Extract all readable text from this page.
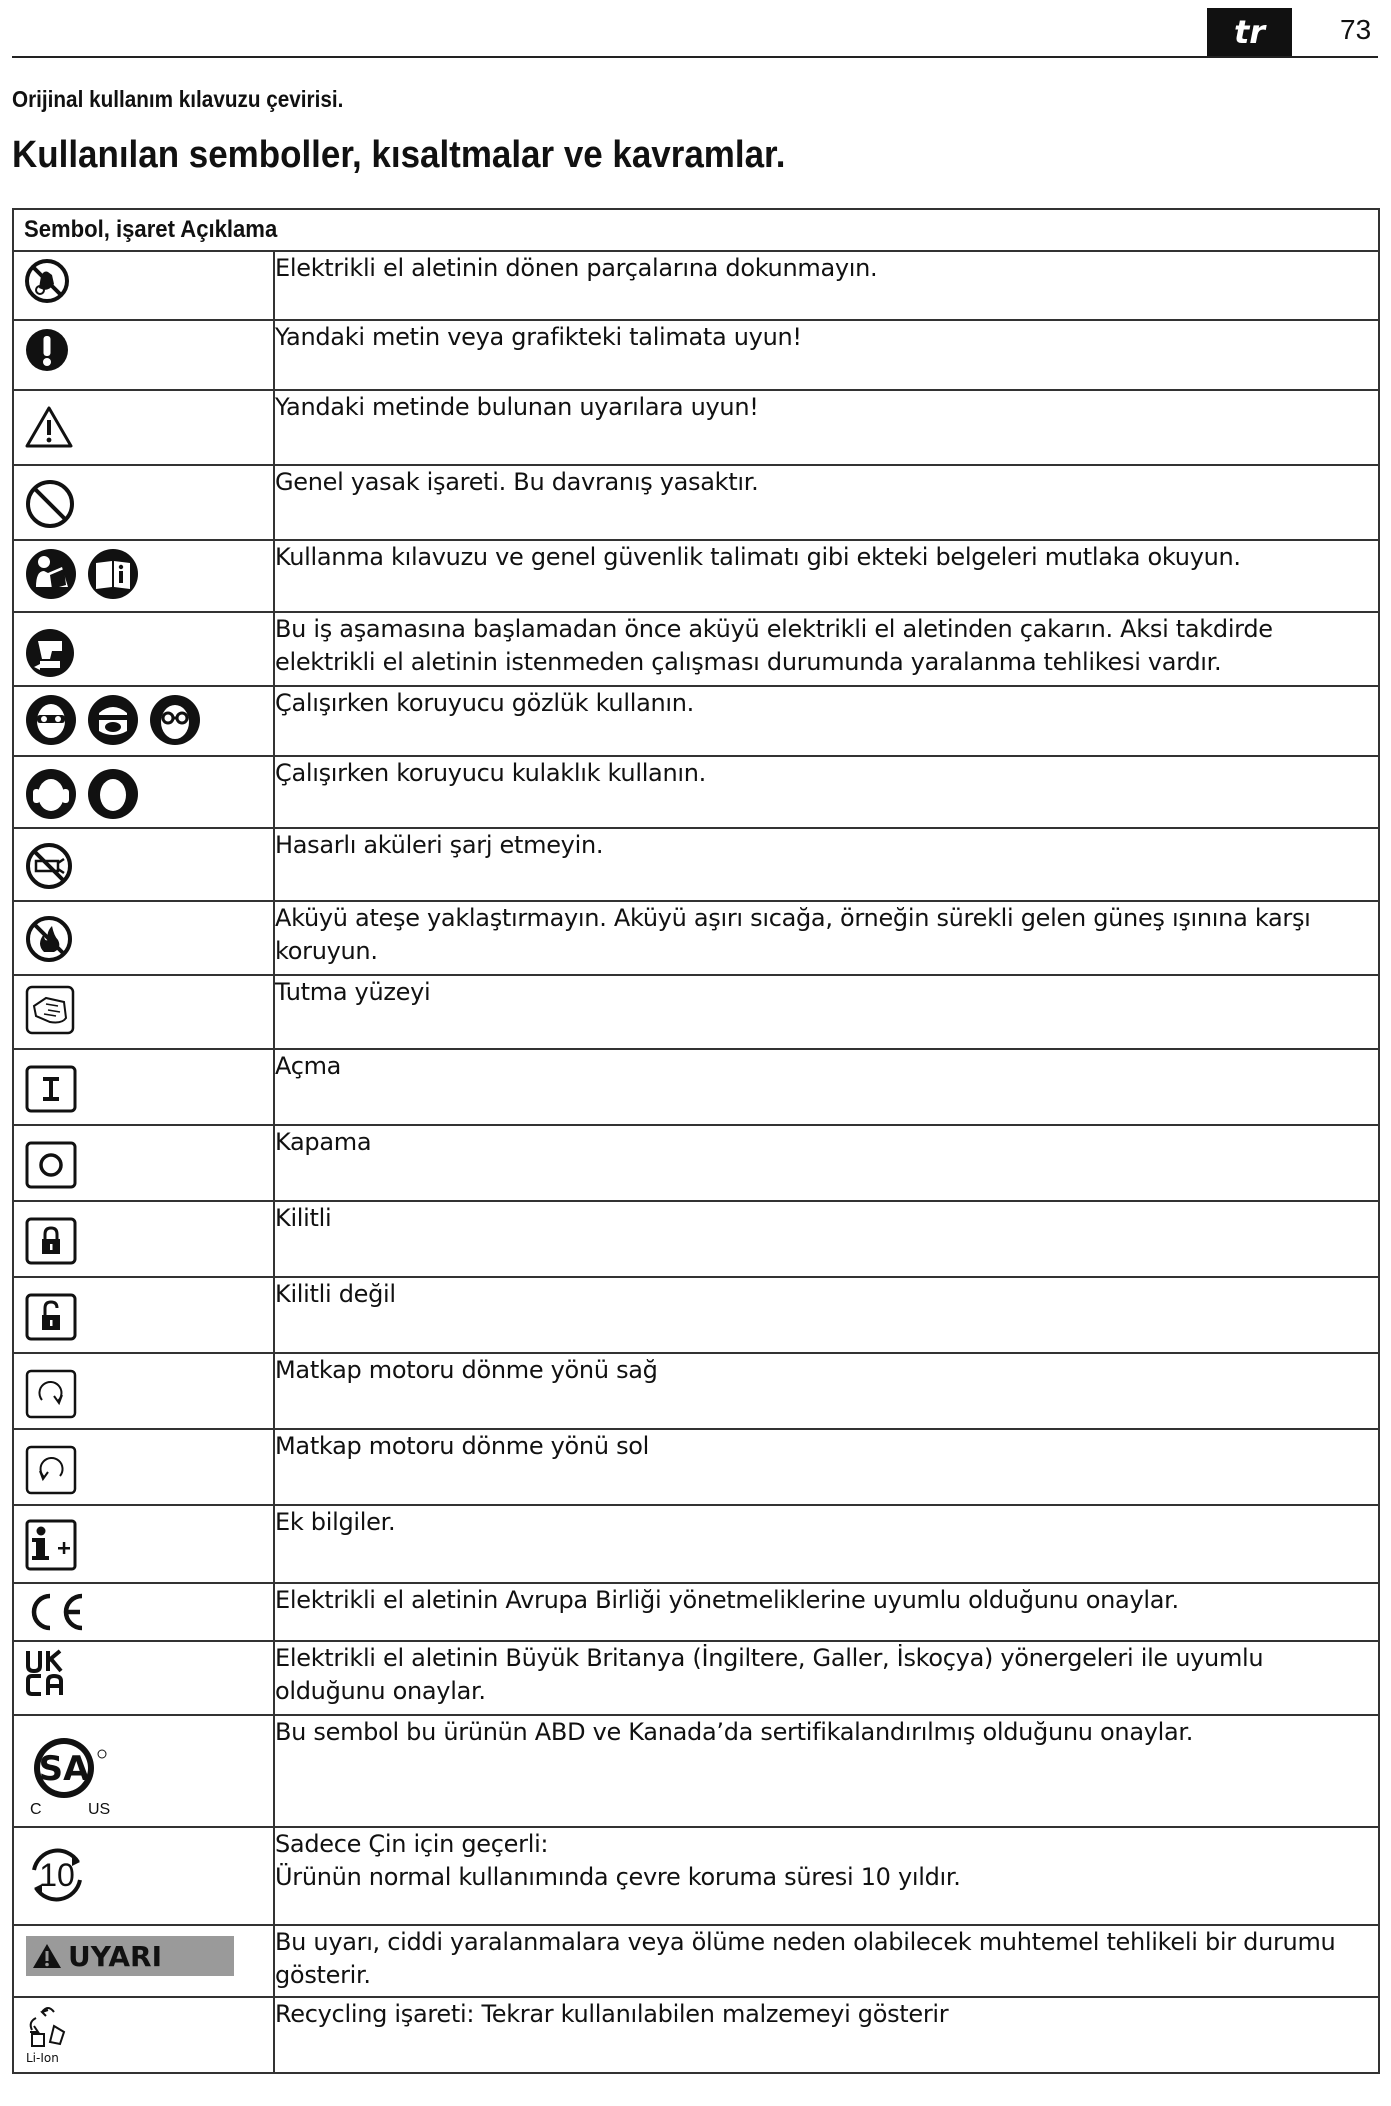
tr	73
Orijinal kullanım kılavuzu çevirisi.
Kullanılan semboller, kısaltmalar ve kavramlar.
Sembol, işaret Açıklama	

	Elektrikli el aletinin dönen parçalarına dokunmayın.

	Yandaki metin veya grafikteki talimata uyun!

	Yandaki metinde bulunan uyarılara uyun!

	Genel yasak işareti. Bu davranış yasaktır.

	Kullanma kılavuzu ve genel güvenlik talimatı gibi ekteki belgeleri mutlaka okuyun.

	Bu iş aşamasına başlamadan önce aküyü elektrikli el aletinden çakarın. Aksi takdirde elektrikli el aletinin istenmeden çalışması durumunda yaralanma tehlikesi vardır.

	Çalışırken koruyucu gözlük kullanın.

	Çalışırken koruyucu kulaklık kullanın.

	Hasarlı aküleri şarj etmeyin.

	Aküyü ateşe yaklaştırmayın. Aküyü aşırı sıcağa, örneğin sürekli gelen güneş ışınına karşı koruyun.

	Tutma yüzeyi

	Açma

	Kapama

	Kilitli

	Kilitli değil

	Matkap motoru dönme yönü sağ

	Matkap motoru dönme yönü sol

	Ek bilgiler.

	Elektrikli el aletinin Avrupa Birliği yönetmeliklerine uyumlu olduğunu onaylar.

	Elektrikli el aletinin Büyük Britanya (İngiltere, Galler, İskoçya) yönergeleri ile uyumlu olduğunu onaylar.

SA
C US	Bu sembol bu ürünün ABD ve Kanada’da sertifikalandırılmış olduğunu onaylar.

10	Sadece Çin için geçerli:
Ürünün normal kullanımında çevre koruma süresi 10 yıldır.

UYARI	Bu uyarı, ciddi yaralanmalara veya ölüme neden olabilecek muhtemel tehlikeli bir durumu gösterir.

Li-Ion	Recycling işareti: Tekrar kullanılabilen malzemeyi gösterir
